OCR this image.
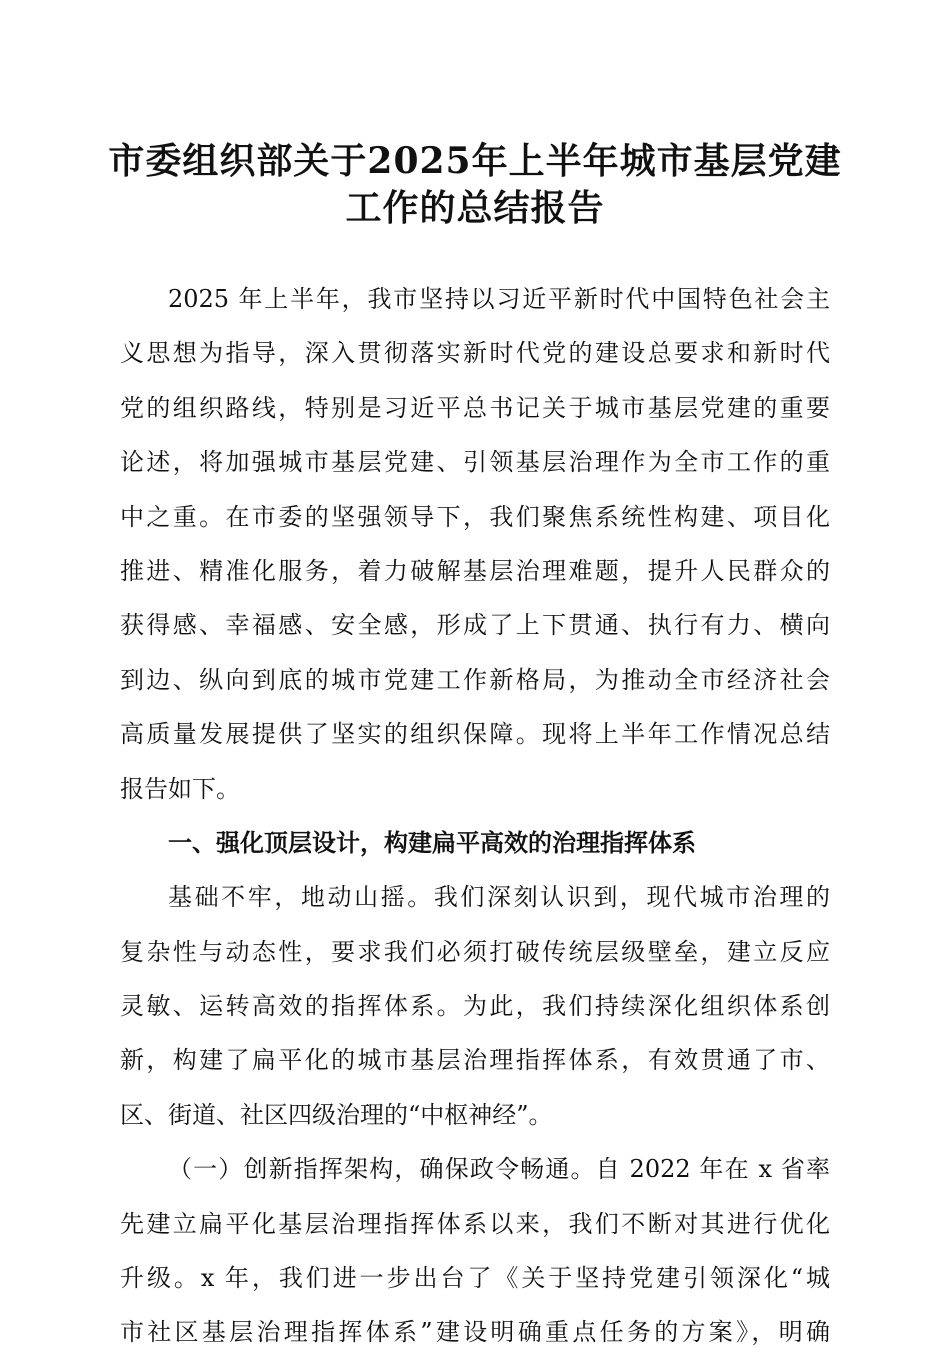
市委组织部关于2025年上半年城市基层党建
工作的总结报告

2025 年上半年，我市坚持以习近平新时代中国特色社会主
义思想为指导，深入贯彻落实新时代党的建设总要求和新时代
党的组织路线，特别是习近平总书记关于城市基层党建的重要
论述，将加强城市基层党建、引领基层治理作为全市工作的重
中之重。在市委的坚强领导下，我们聚焦系统性构建、项目化
推进、精准化服务，着力破解基层治理难题，提升人民群众的
获得感、幸福感、安全感，形成了上下贯通、执行有力、横向
到边、纵向到底的城市党建工作新格局，为推动全市经济社会
高质量发展提供了坚实的组织保障。现将上半年工作情况总结
报告如下。

一、强化顶层设计，构建扁平高效的治理指挥体系

基础不牢，地动山摇。我们深刻认识到，现代城市治理的
复杂性与动态性，要求我们必须打破传统层级壁垒，建立反应
灵敏、运转高效的指挥体系。为此，我们持续深化组织体系创
新，构建了扁平化的城市基层治理指挥体系，有效贯通了市、
区、街道、社区四级治理的“中枢神经”。

（一）创新指挥架构，确保政令畅通。自 2022 年在 x 省率
先建立扁平化基层治理指挥体系以来，我们不断对其进行优化
升级。x 年，我们进一步出台了《关于坚持党建引领深化“城
市社区基层治理指挥体系”建设明确重点任务的方案》，明确
